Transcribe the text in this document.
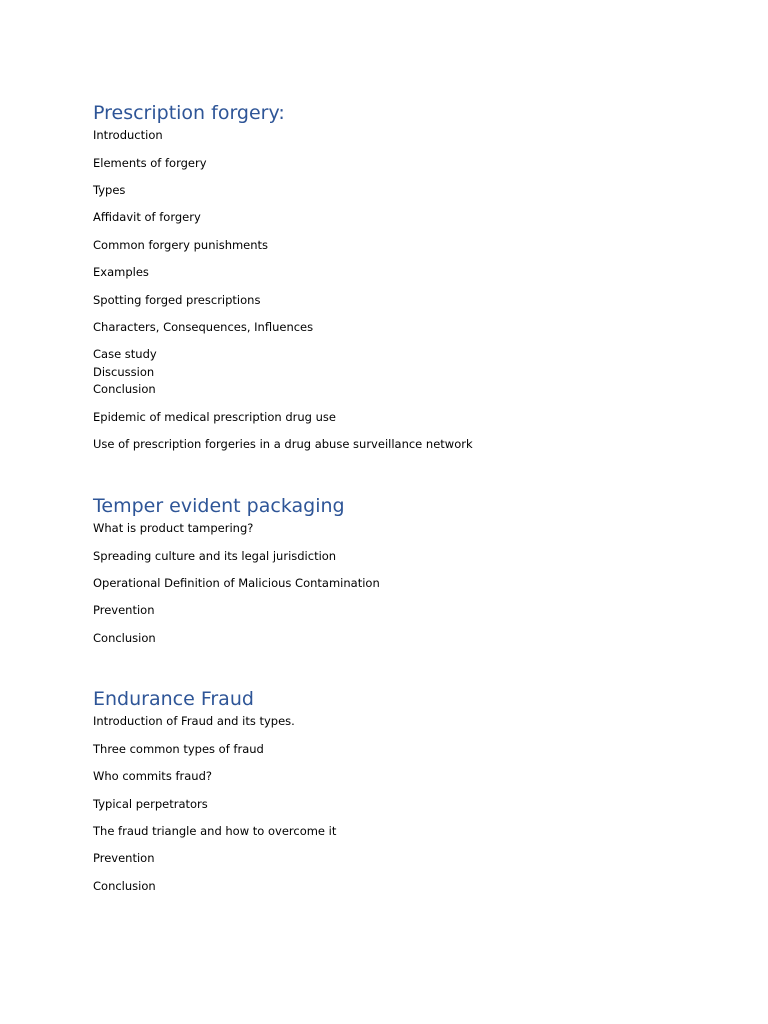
Prescription forgery:

Introduction

Elements of forgery

Types

Affidavit of forgery

Common forgery punishments

Examples

Spotting forged prescriptions

Characters, Consequences, Influences

Case study

Discussion

Conclusion

Epidemic of medical prescription drug use

Use of prescription forgeries in a drug abuse surveillance network

Temper evident packaging

What is product tampering?

Spreading culture and its legal jurisdiction

Operational Definition of Malicious Contamination

Prevention

Conclusion

Endurance Fraud

Introduction of Fraud and its types.

Three common types of fraud

Who commits fraud?

Typical perpetrators

The fraud triangle and how to overcome it

Prevention

Conclusion
